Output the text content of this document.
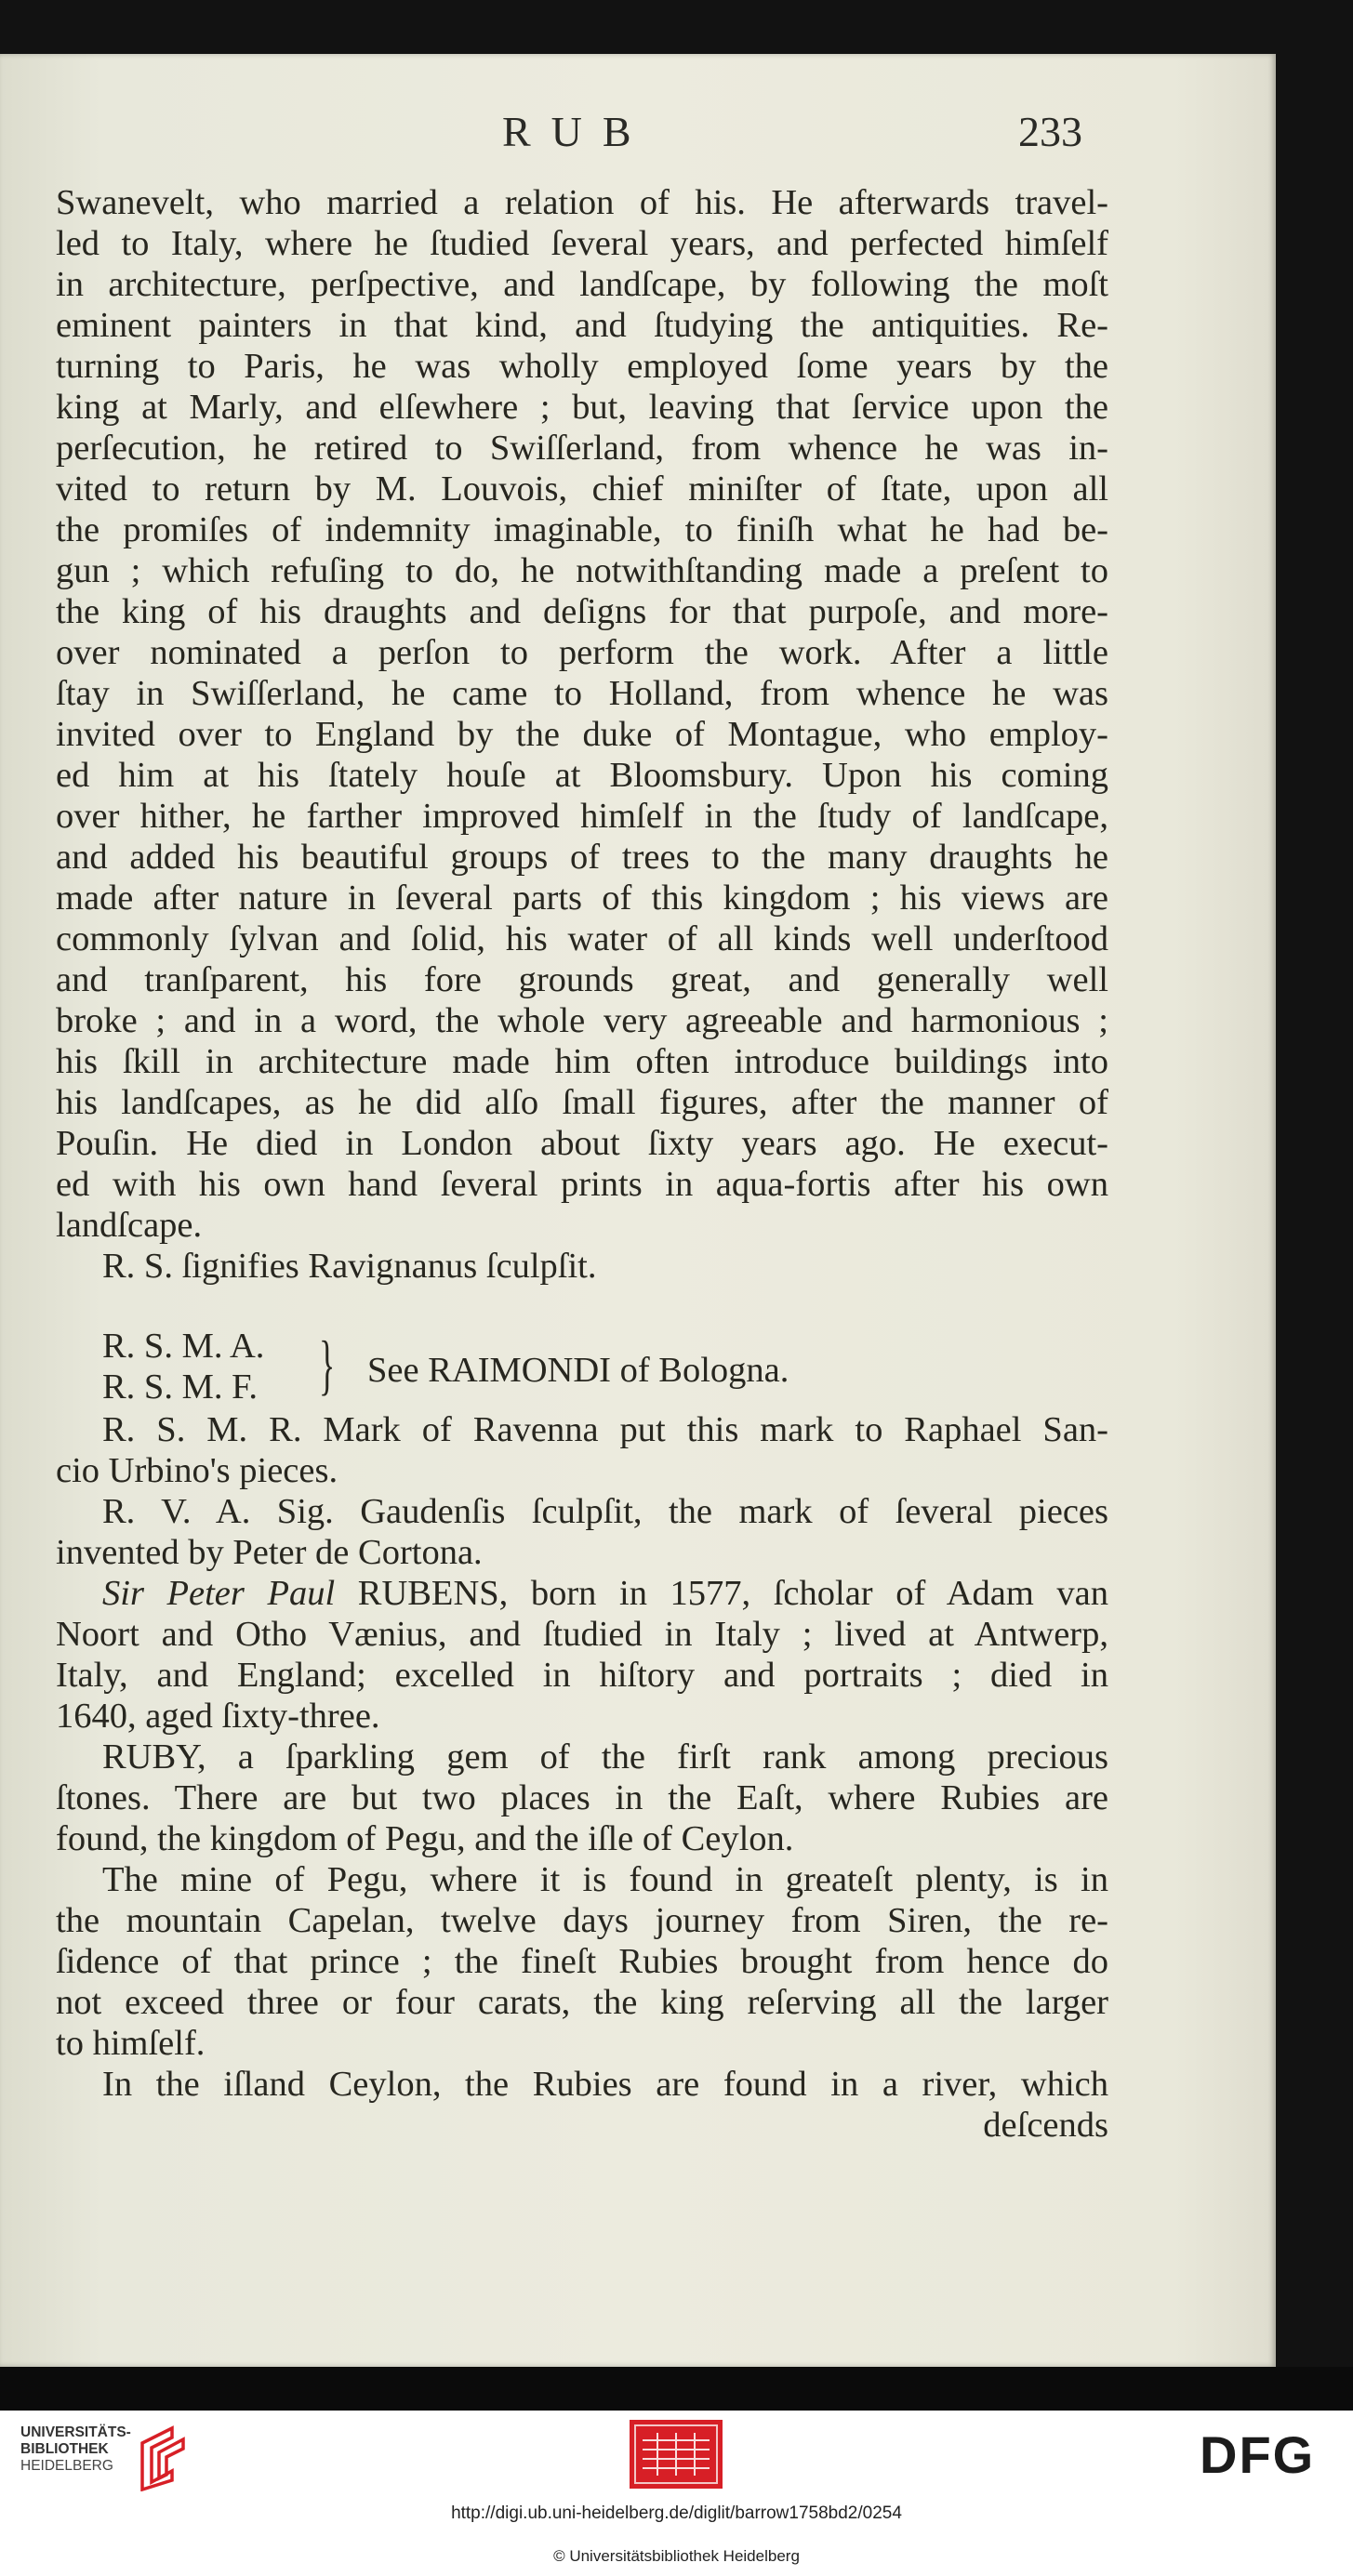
RUB	233
Swanevelt, who married a relation of his. He afterwards travel-
led to Italy, where he ſtudied ſeveral years, and perfected himſelf
in architecture, perſpective, and landſcape, by following the moſt
eminent painters in that kind, and ſtudying the antiquities. Re-
turning to Paris, he was wholly employed ſome years by the
king at Marly, and elſewhere ; but, leaving that ſervice upon the
perſecution, he retired to Swiſſerland, from whence he was in-
vited to return by M. Louvois, chief miniſter of ſtate, upon all
the promiſes of indemnity imaginable, to finiſh what he had be-
gun ; which refuſing to do, he notwithſtanding made a preſent to
the king of his draughts and deſigns for that purpoſe, and more-
over nominated a perſon to perform the work. After a little
ſtay in Swiſſerland, he came to Holland, from whence he was
invited over to England by the duke of Montague, who employ-
ed him at his ſtately houſe at Bloomsbury. Upon his coming
over hither, he farther improved himſelf in the ſtudy of landſcape,
and added his beautiful groups of trees to the many draughts he
made after nature in ſeveral parts of this kingdom ; his views are
commonly ſylvan and ſolid, his water of all kinds well underſtood
and tranſparent, his fore grounds great, and generally well
broke ; and in a word, the whole very agreeable and harmonious ;
his ſkill in architecture made him often introduce buildings into
his landſcapes, as he did alſo ſmall figures, after the manner of
Pouſin. He died in London about ſixty years ago. He execut-
ed with his own hand ſeveral prints in aqua-fortis after his own
landſcape.
R. S. ſignifies Ravignanus ſculpſit.
R. S. M. A.
R. S. M. F. } See RAIMONDI of Bologna.
R. S. M. R. Mark of Ravenna put this mark to Raphael San-
cio Urbino's pieces.
R. V. A. Sig. Gaudenſis ſculpſit, the mark of ſeveral pieces
invented by Peter de Cortona.
Sir Peter Paul RUBENS, born in 1577, ſcholar of Adam van
Noort and Otho Vænius, and ſtudied in Italy ; lived at Antwerp,
Italy, and England; excelled in hiſtory and portraits ; died in
1640, aged ſixty-three.
RUBY, a ſparkling gem of the firſt rank among precious
ſtones. There are but two places in the Eaſt, where Rubies are
found, the kingdom of Pegu, and the iſle of Ceylon.
The mine of Pegu, where it is found in greateſt plenty, is in
the mountain Capelan, twelve days journey from Siren, the re-
ſidence of that prince ; the fineſt Rubies brought from hence do
not exceed three or four carats, the king reſerving all the larger
to himſelf.
In the iſland Ceylon, the Rubies are found in a river, which
deſcends
UNIVERSITÄTS-
BIBLIOTHEK
HEIDELBERG	DFG
http://digi.ub.uni-heidelberg.de/diglit/barrow1758bd2/0254
© Universitätsbibliothek Heidelberg
